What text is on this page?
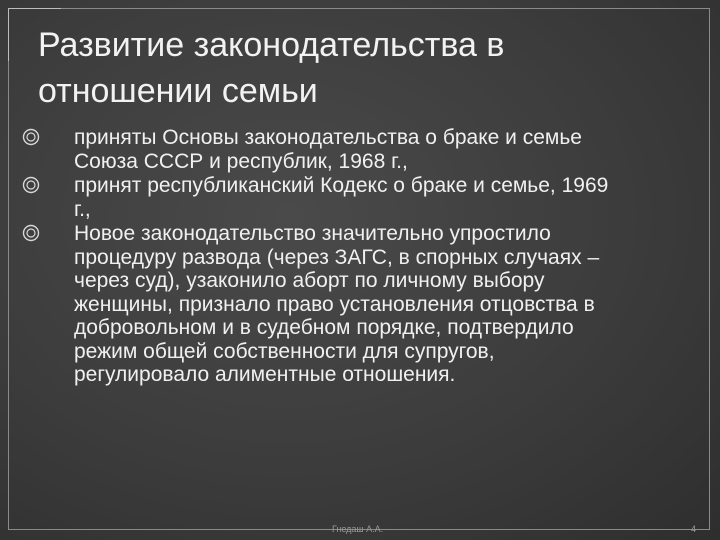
Развитие законодательства в отношении семьи
приняты Основы законодательства о браке и семье Союза СССР и республик, 1968 г.,
принят республиканский Кодекс о браке и семье, 1969 г.,
Новое законодательство значительно упростило процедуру развода (через ЗАГС, в спорных случаях – через суд), узаконило аборт по личному выбору женщины, признало право установления отцовства в добровольном и в судебном порядке, подтвердило режим общей собственности для супругов, регулировало алиментные отношения.
Гнедаш А.А.	4
